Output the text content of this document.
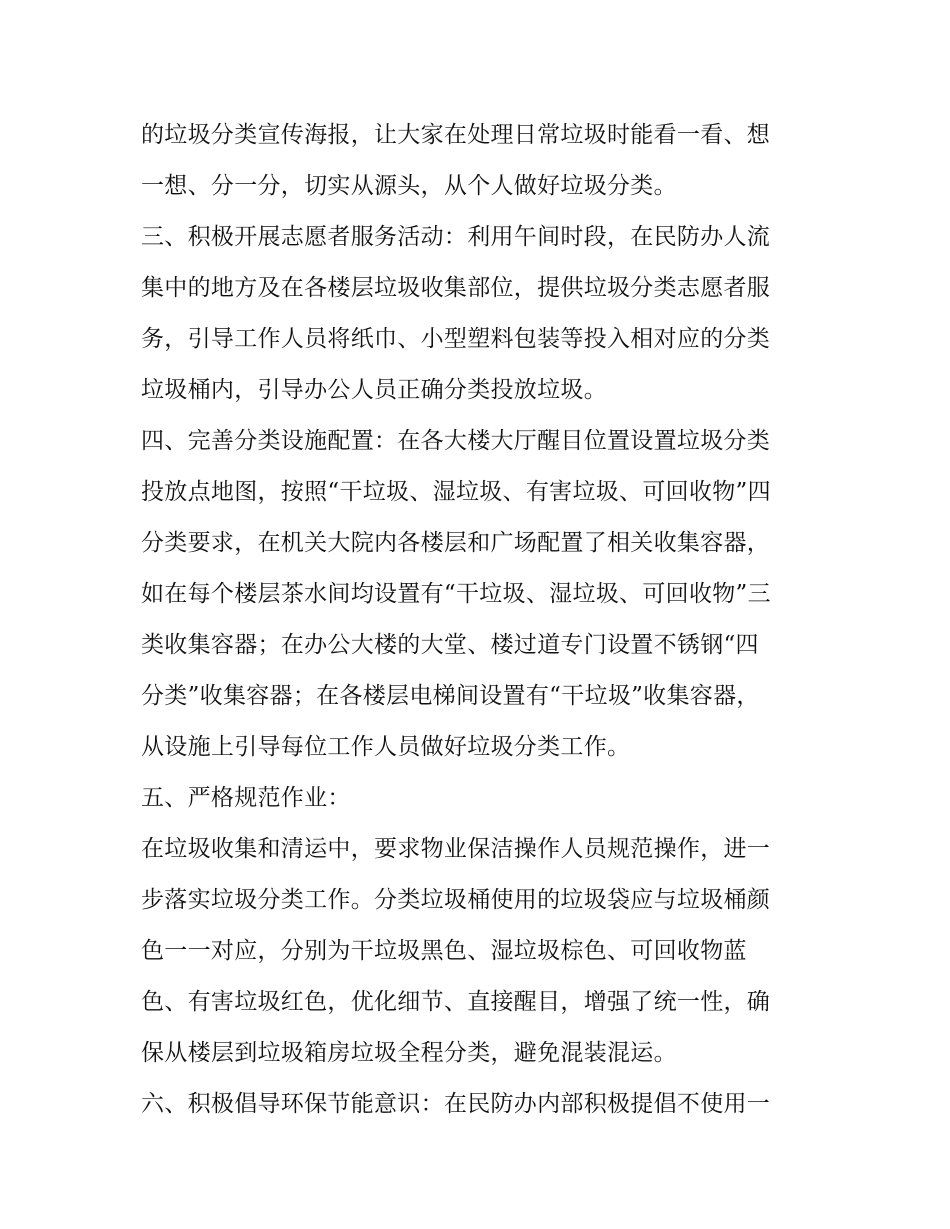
的垃圾分类宣传海报，让大家在处理日常垃圾时能看一看、想
一想、分一分，切实从源头，从个人做好垃圾分类。
三、积极开展志愿者服务活动：利用午间时段，在民防办人流
集中的地方及在各楼层垃圾收集部位，提供垃圾分类志愿者服
务，引导工作人员将纸巾、小型塑料包装等投入相对应的分类
垃圾桶内，引导办公人员正确分类投放垃圾。
四、完善分类设施配置：在各大楼大厅醒目位置设置垃圾分类
投放点地图，按照“干垃圾、湿垃圾、有害垃圾、可回收物”四
分类要求，在机关大院内各楼层和广场配置了相关收集容器，
如在每个楼层茶水间均设置有“干垃圾、湿垃圾、可回收物”三
类收集容器；在办公大楼的大堂、楼过道专门设置不锈钢“四
分类”收集容器；在各楼层电梯间设置有“干垃圾”收集容器，
从设施上引导每位工作人员做好垃圾分类工作。
五、严格规范作业：
在垃圾收集和清运中，要求物业保洁操作人员规范操作，进一
步落实垃圾分类工作。分类垃圾桶使用的垃圾袋应与垃圾桶颜
色一一对应，分别为干垃圾黑色、湿垃圾棕色、可回收物蓝
色、有害垃圾红色，优化细节、直接醒目，增强了统一性，确
保从楼层到垃圾箱房垃圾全程分类，避免混装混运。
六、积极倡导环保节能意识：在民防办内部积极提倡不使用一
